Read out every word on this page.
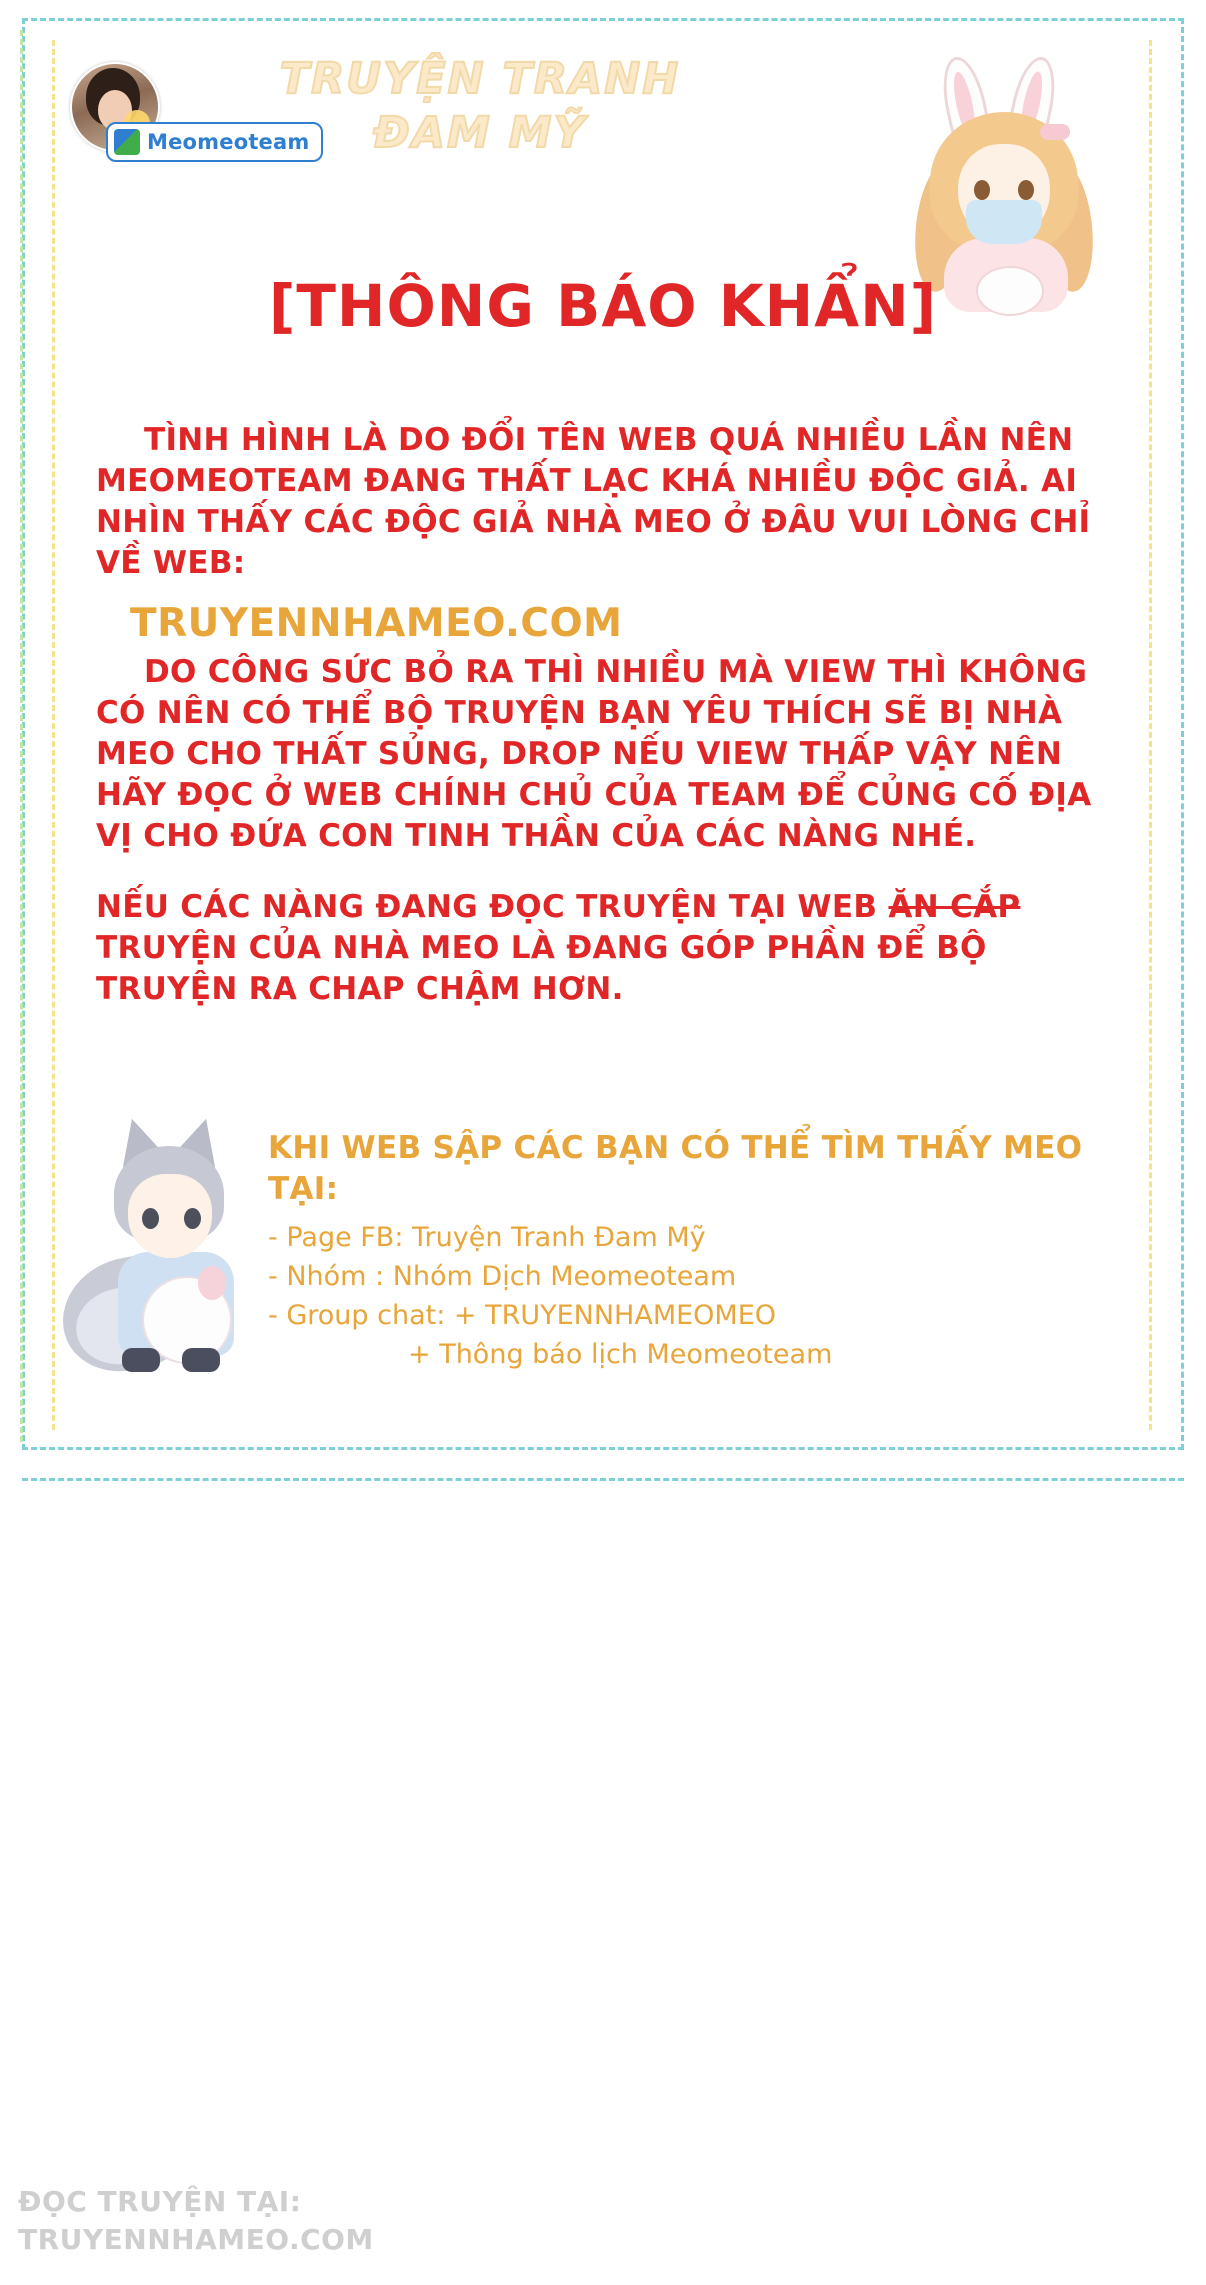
TRUYỆN TRANH
ĐAM MỸ
Meomeoteam
[THÔNG BÁO KHẨN]

TÌNH HÌNH LÀ DO ĐỔI TÊN WEB QUÁ NHIỀU LẦN NÊN MEOMEOTEAM ĐANG THẤT LẠC KHÁ NHIỀU ĐỘC GIẢ. AI NHÌN THẤY CÁC ĐỘC GIẢ NHÀ MEO Ở ĐÂU VUI LÒNG CHỈ VỀ WEB:

TRUYENNHAMEO.COM

DO CÔNG SỨC BỎ RA THÌ NHIỀU MÀ VIEW THÌ KHÔNG CÓ NÊN CÓ THỂ BỘ TRUYỆN BẠN YÊU THÍCH SẼ BỊ NHÀ MEO CHO THẤT SỦNG, DROP NẾU VIEW THẤP VẬY NÊN HÃY ĐỌC Ở WEB CHÍNH CHỦ CỦA TEAM ĐỂ CỦNG CỐ ĐỊA VỊ CHO ĐỨA CON TINH THẦN CỦA CÁC NÀNG NHÉ.

NẾU CÁC NÀNG ĐANG ĐỌC TRUYỆN TẠI WEB ĂN CẮP TRUYỆN CỦA NHÀ MEO LÀ ĐANG GÓP PHẦN ĐỂ BỘ TRUYỆN RA CHAP CHẬM HƠN.

KHI WEB SẬP CÁC BẠN CÓ THỂ TÌM THẤY MEO TẠI:
- Page FB: Truyện Tranh Đam Mỹ
- Nhóm : Nhóm Dịch Meomeoteam
- Group chat: + TRUYENNHAMEOMEO
+ Thông báo lịch Meomeoteam
ĐỌC TRUYỆN TẠI:
TRUYENNHAMEO.COM
